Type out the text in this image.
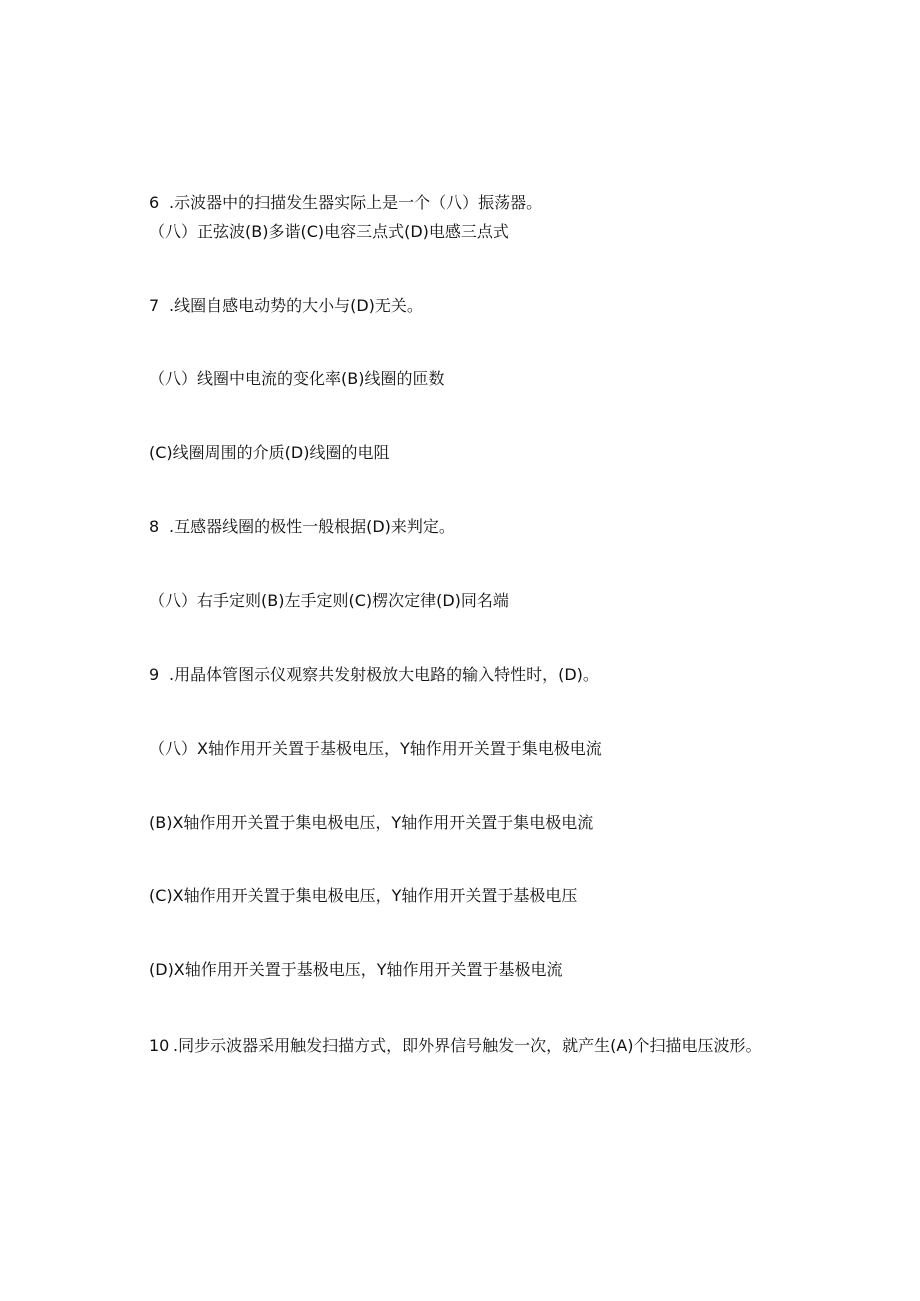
6 .示波器中的扫描发生器实际上是一个（八）振荡器。
（八）正弦波(B)多谐(C)电容三点式(D)电感三点式
7 .线圈自感电动势的大小与(D)无关。
（八）线圈中电流的变化率(B)线圈的匝数
(C)线圈周围的介质(D)线圈的电阻
8 .互感器线圈的极性一般根据(D)来判定。
（八）右手定则(B)左手定则(C)楞次定律(D)同名端
9 .用晶体管图示仪观察共发射极放大电路的输入特性时，(D)。
（八）X轴作用开关置于基极电压，Y轴作用开关置于集电极电流
(B)X轴作用开关置于集电极电压，Y轴作用开关置于集电极电流
(C)X轴作用开关置于集电极电压，Y轴作用开关置于基极电压
(D)X轴作用开关置于基极电压，Y轴作用开关置于基极电流
10 .同步示波器采用触发扫描方式，即外界信号触发一次，就产生(A)个扫描电压波形。
